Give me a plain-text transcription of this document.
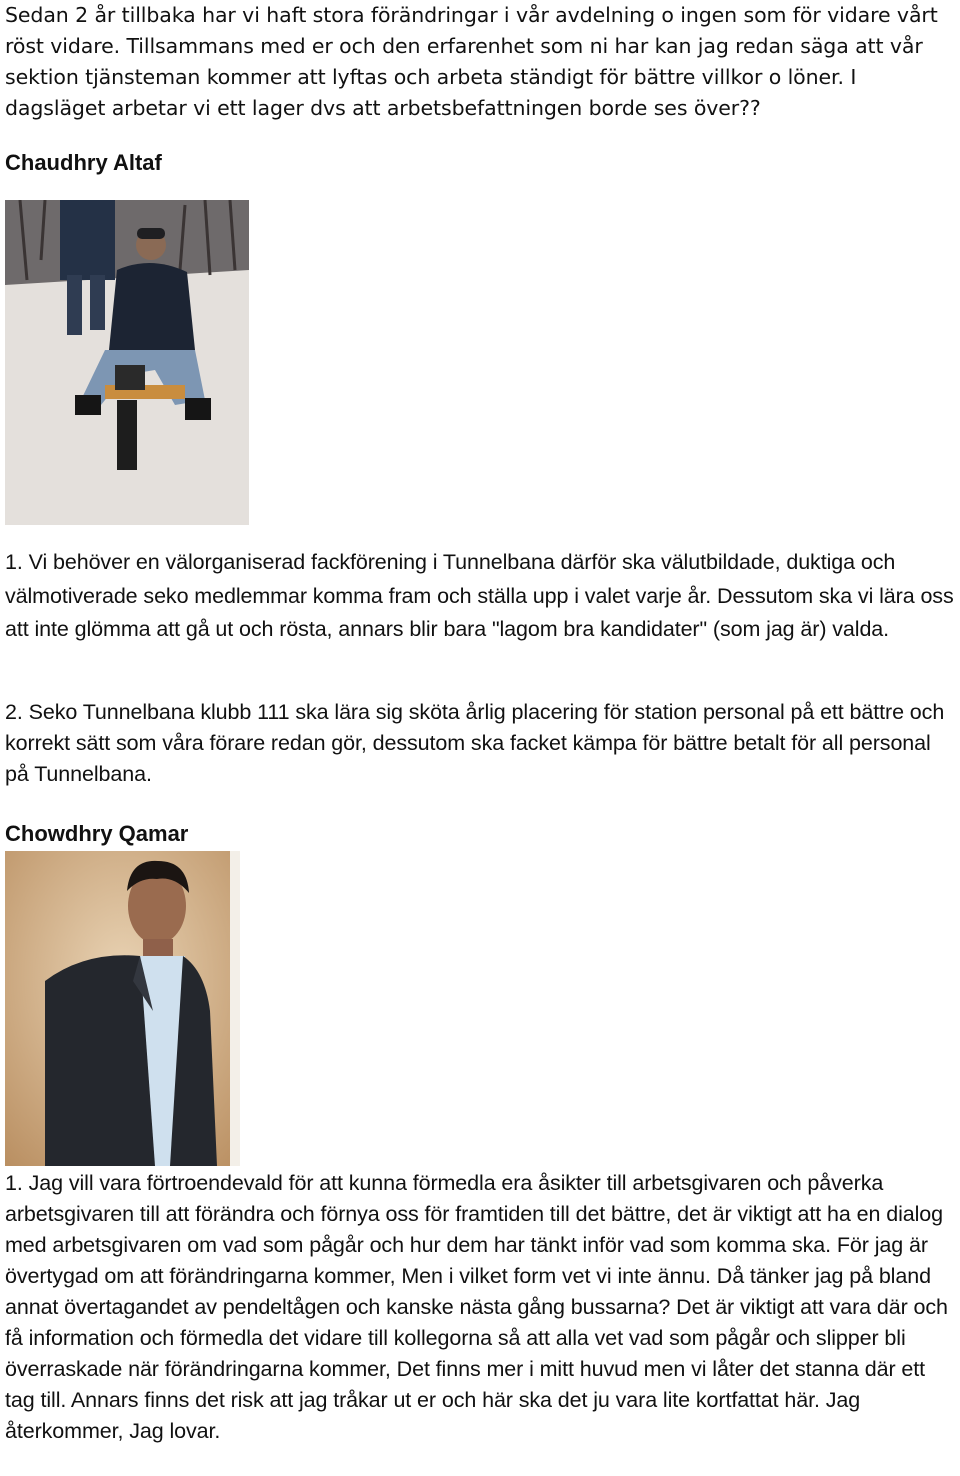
Sedan 2 år tillbaka har vi haft stora förändringar i vår avdelning o ingen som för vidare vårt röst vidare. Tillsammans med er och den erfarenhet som ni har kan jag redan säga att vår sektion tjänsteman kommer att lyftas och arbeta ständigt för bättre villkor o löner. I dagsläget arbetar vi ett lager dvs att arbetsbefattningen borde ses över??

Chaudhry Altaf

1. Vi behöver en välorganiserad fackförening i Tunnelbana därför ska välutbildade, duktiga och välmotiverade seko medlemmar komma fram och ställa upp i valet varje år. Dessutom ska vi lära oss att inte glömma att gå ut och rösta, annars blir bara "lagom bra kandidater" (som jag är) valda.

2. Seko Tunnelbana klubb 111 ska lära sig sköta årlig placering för station personal på ett bättre och korrekt sätt som våra förare redan gör, dessutom ska facket kämpa för bättre betalt för all personal på Tunnelbana.

Chowdhry Qamar

1. Jag vill vara förtroendevald för att kunna förmedla era åsikter till arbetsgivaren och påverka arbetsgivaren till att förändra och förnya oss för framtiden till det bättre, det är viktigt att ha en dialog med arbetsgivaren om vad som pågår och hur dem har tänkt inför vad som komma ska. För jag är övertygad om att förändringarna kommer, Men i vilket form vet vi inte ännu. Då tänker jag på bland annat övertagandet av pendeltågen och kanske nästa gång bussarna? Det är viktigt att vara där och få information och förmedla det vidare till kollegorna så att alla vet vad som pågår och slipper bli överraskade när förändringarna kommer, Det finns mer i mitt huvud men vi låter det stanna där ett tag till. Annars finns det risk att jag tråkar ut er och här ska det ju vara lite kortfattat här. Jag återkommer, Jag lovar.
